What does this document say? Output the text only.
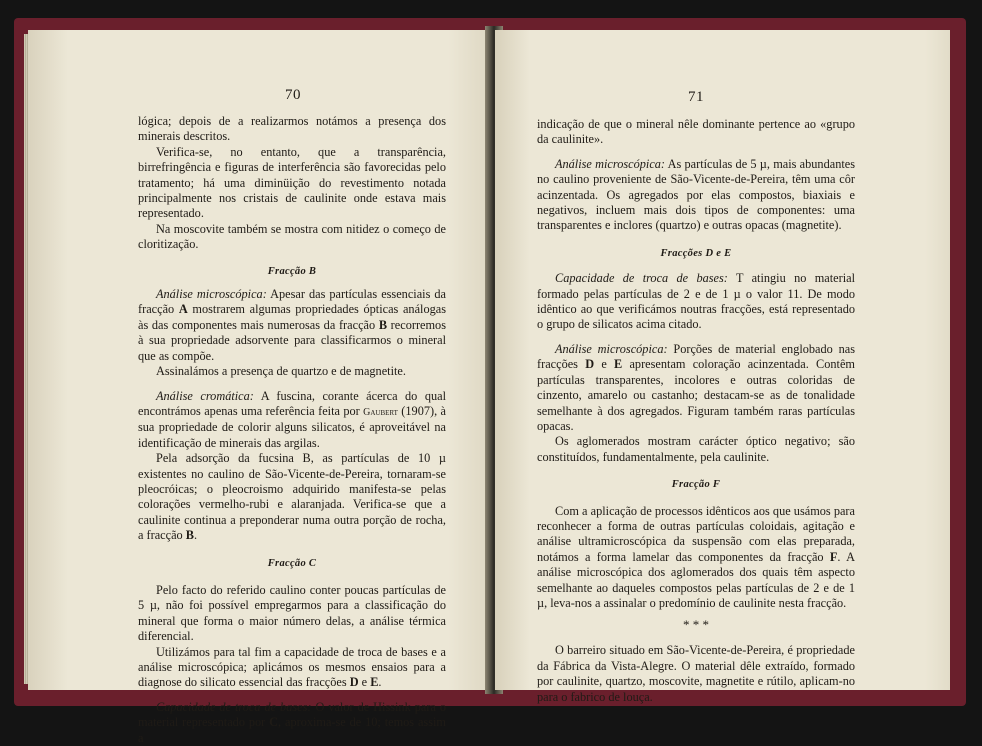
70

lógica; depois de a realizarmos notámos a presença dos minerais descritos.

Verifica-se, no entanto, que a transparência, birrefringência e figuras de interferência são favorecidas pelo tratamento; há uma diminüição do revestimento notada principalmente nos cristais de caulinite onde estava mais representado.

Na moscovite também se mostra com nitidez o começo de cloritização.

Fracção B

Análise microscópica: Apesar das partículas essenciais da fracção A mostrarem algumas propriedades ópticas análogas às das componentes mais numerosas da fracção B recorremos à sua propriedade adsorvente para classificarmos o mineral que as compõe.

Assinalámos a presença de quartzo e de magnetite.

Análise cromática: A fuscina, corante ácerca do qual encontrámos apenas uma referência feita por Gaubert (1907), à sua propriedade de colorir alguns silicatos, é aproveitável na identificação de minerais das argilas.

Pela adsorção da fucsina B, as partículas de 10 µ existentes no caulino de São-Vicente-de-Pereira, tornaram-se pleocróicas; o pleocroismo adquirido manifesta-se pelas colorações vermelho-rubi e alaranjada. Verifica-se que a caulinite continua a preponderar numa outra porção de rocha, a fracção B.

Fracção C

Pelo facto do referido caulino conter poucas partículas de 5 µ, não foi possível empregarmos para a classificação do mineral que forma o maior número delas, a análise térmica diferencial.

Utilizámos para tal fim a capacidade de troca de bases e a análise microscópica; aplicámos os mesmos ensaios para a diagnose do silicato essencial das fracções D e E.

Capacidade de troca de bases: O valor de Hissink para o material representado por C, aproxima-se de 10; temos assim a

71

indicação de que o mineral nêle dominante pertence ao «grupo da caulinite».

Análise microscópica: As partículas de 5 µ, mais abundantes no caulino proveniente de São-Vicente-de-Pereira, têm uma côr acinzentada. Os agregados por elas compostos, biaxiais e negativos, incluem mais dois tipos de componentes: uma transparentes e inclores (quartzo) e outras opacas (magnetite).

Fracções D e E

Capacidade de troca de bases: T atingiu no material formado pelas partículas de 2 e de 1 µ o valor 11. De modo idêntico ao que verificámos noutras fracções, está representado o grupo de silicatos acima citado.

Análise microscópica: Porções de material englobado nas fracções D e E apresentam coloração acinzentada. Contêm partículas transparentes, incolores e outras coloridas de cinzento, amarelo ou castanho; destacam-se as de tonalidade semelhante à dos agregados. Figuram também raras partículas opacas.

Os aglomerados mostram carácter óptico negativo; são constituídos, fundamentalmente, pela caulinite.

Fracção F

Com a aplicação de processos idênticos aos que usámos para reconhecer a forma de outras partículas coloidais, agitação e análise ultramicroscópica da suspensão com elas preparada, notámos a forma lamelar das componentes da fracção F. A análise microscópica dos aglomerados dos quais têm aspecto semelhante ao daqueles compostos pelas partículas de 2 e de 1 µ, leva-nos a assinalar o predomínio de caulinite nesta fracção.

* * *

O barreiro situado em São-Vicente-de-Pereira, é propriedade da Fábrica da Vista-Alegre. O material dêle extraído, formado por caulinite, quartzo, moscovite, magnetite e rútilo, aplicam-no para o fabrico de louça.
